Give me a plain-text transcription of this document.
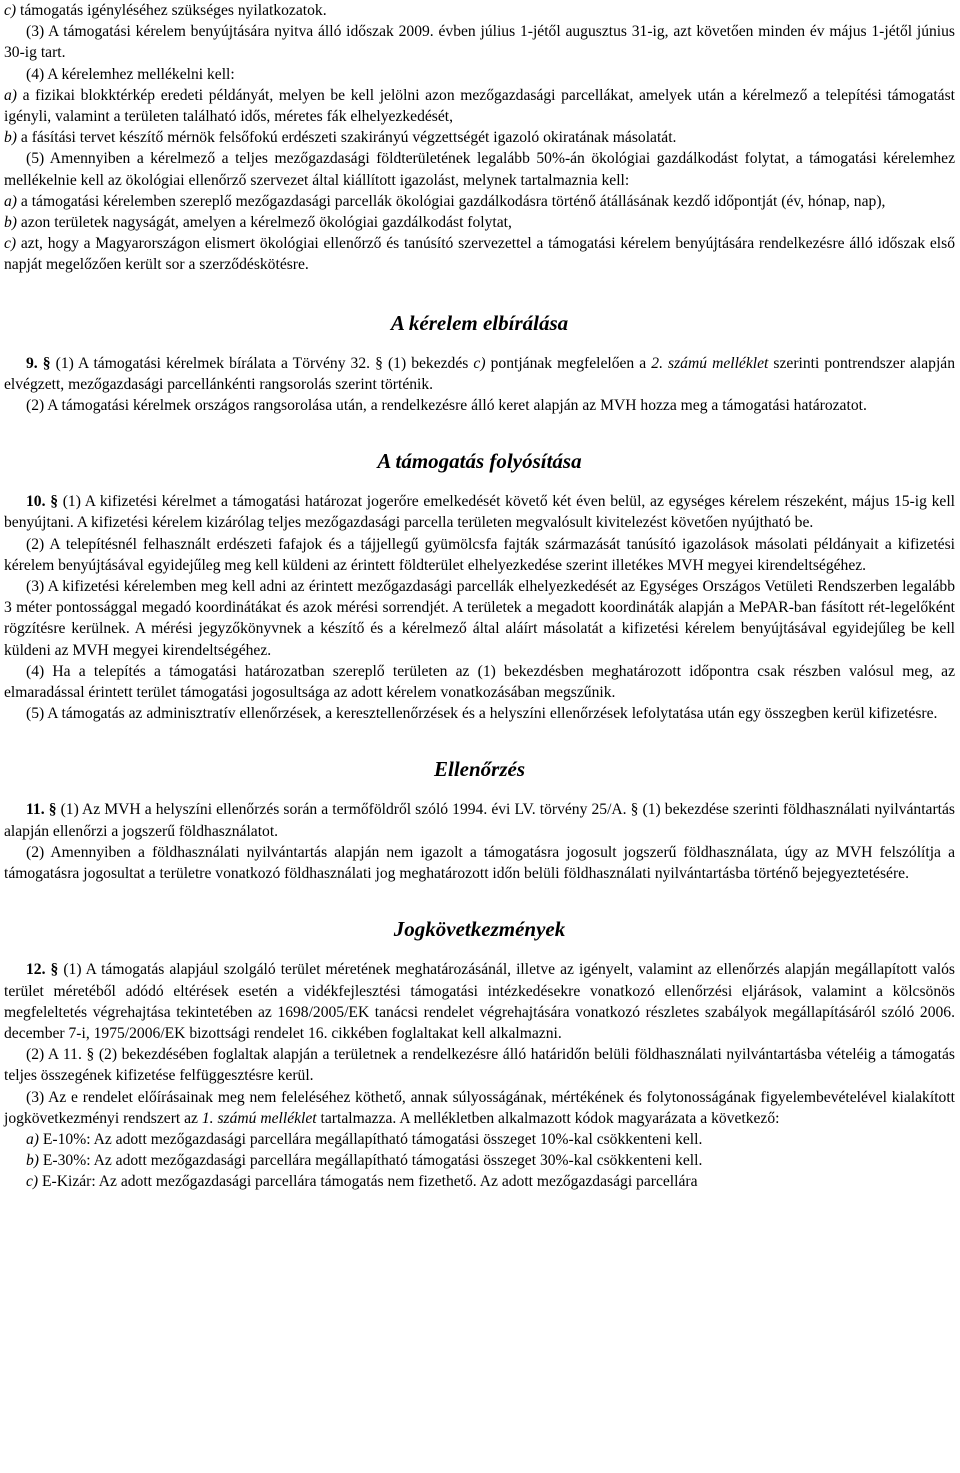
c) támogatás igényléséhez szükséges nyilatkozatok.

(3) A támogatási kérelem benyújtására nyitva álló időszak 2009. évben július 1-jétől augusztus 31-ig, azt követően minden év május 1-jétől június 30-ig tart.

(4) A kérelemhez mellékelni kell:

a) a fizikai blokktérkép eredeti példányát, melyen be kell jelölni azon mezőgazdasági parcellákat, amelyek után a kérelmező a telepítési támogatást igényli, valamint a területen található idős, méretes fák elhelyezkedését,

b) a fásítási tervet készítő mérnök felsőfokú erdészeti szakirányú végzettségét igazoló okiratának másolatát.

(5) Amennyiben a kérelmező a teljes mezőgazdasági földterületének legalább 50%-án ökológiai gazdálkodást folytat, a támogatási kérelemhez mellékelnie kell az ökológiai ellenőrző szervezet által kiállított igazolást, melynek tartalmaznia kell:

a) a támogatási kérelemben szereplő mezőgazdasági parcellák ökológiai gazdálkodásra történő átállásának kezdő időpontját (év, hónap, nap),

b) azon területek nagyságát, amelyen a kérelmező ökológiai gazdálkodást folytat,

c) azt, hogy a Magyarországon elismert ökológiai ellenőrző és tanúsító szervezettel a támogatási kérelem benyújtására rendelkezésre álló időszak első napját megelőzően került sor a szerződéskötésre.

A kérelem elbírálása

9. § (1) A támogatási kérelmek bírálata a Törvény 32. § (1) bekezdés c) pontjának megfelelően a 2. számú melléklet szerinti pontrendszer alapján elvégzett, mezőgazdasági parcellánkénti rangsorolás szerint történik.

(2) A támogatási kérelmek országos rangsorolása után, a rendelkezésre álló keret alapján az MVH hozza meg a támogatási határozatot.

A támogatás folyósítása

10. § (1) A kifizetési kérelmet a támogatási határozat jogerőre emelkedését követő két éven belül, az egységes kérelem részeként, május 15-ig kell benyújtani. A kifizetési kérelem kizárólag teljes mezőgazdasági parcella területen megvalósult kivitelezést követően nyújtható be.

(2) A telepítésnél felhasznált erdészeti fafajok és a tájjellegű gyümölcsfa fajták származását tanúsító igazolások másolati példányait a kifizetési kérelem benyújtásával egyidejűleg meg kell küldeni az érintett földterület elhelyezkedése szerint illetékes MVH megyei kirendeltségéhez.

(3) A kifizetési kérelemben meg kell adni az érintett mezőgazdasági parcellák elhelyezkedését az Egységes Országos Vetületi Rendszerben legalább 3 méter pontossággal megadó koordinátákat és azok mérési sorrendjét. A területek a megadott koordináták alapján a MePAR-ban fásított rét-legelőként rögzítésre kerülnek. A mérési jegyzőkönyvnek a készítő és a kérelmező által aláírt másolatát a kifizetési kérelem benyújtásával egyidejűleg be kell küldeni az MVH megyei kirendeltségéhez.

(4) Ha a telepítés a támogatási határozatban szereplő területen az (1) bekezdésben meghatározott időpontra csak részben valósul meg, az elmaradással érintett terület támogatási jogosultsága az adott kérelem vonatkozásában megszűnik.

(5) A támogatás az adminisztratív ellenőrzések, a keresztellenőrzések és a helyszíni ellenőrzések lefolytatása után egy összegben kerül kifizetésre.

Ellenőrzés

11. § (1) Az MVH a helyszíni ellenőrzés során a termőföldről szóló 1994. évi LV. törvény 25/A. § (1) bekezdése szerinti földhasználati nyilvántartás alapján ellenőrzi a jogszerű földhasználatot.

(2) Amennyiben a földhasználati nyilvántartás alapján nem igazolt a támogatásra jogosult jogszerű földhasználata, úgy az MVH felszólítja a támogatásra jogosultat a területre vonatkozó földhasználati jog meghatározott időn belüli földhasználati nyilvántartásba történő bejegyeztetésére.

Jogkövetkezmények

12. § (1) A támogatás alapjául szolgáló terület méretének meghatározásánál, illetve az igényelt, valamint az ellenőrzés alapján megállapított valós terület méretéből adódó eltérések esetén a vidékfejlesztési támogatási intézkedésekre vonatkozó ellenőrzési eljárások, valamint a kölcsönös megfeleltetés végrehajtása tekintetében az 1698/2005/EK tanácsi rendelet végrehajtására vonatkozó részletes szabályok megállapításáról szóló 2006. december 7-i, 1975/2006/EK bizottsági rendelet 16. cikkében foglaltakat kell alkalmazni.

(2) A 11. § (2) bekezdésében foglaltak alapján a területnek a rendelkezésre álló határidőn belüli földhasználati nyilvántartásba vételéig a támogatás teljes összegének kifizetése felfüggesztésre kerül.

(3) Az e rendelet előírásainak meg nem feleléséhez köthető, annak súlyosságának, mértékének és folytonosságának figyelembevételével kialakított jogkövetkezményi rendszert az 1. számú melléklet tartalmazza. A mellékletben alkalmazott kódok magyarázata a következő:

a) E-10%: Az adott mezőgazdasági parcellára megállapítható támogatási összeget 10%-kal csökkenteni kell.

b) E-30%: Az adott mezőgazdasági parcellára megállapítható támogatási összeget 30%-kal csökkenteni kell.

c) E-Kizár: Az adott mezőgazdasági parcellára támogatás nem fizethető. Az adott mezőgazdasági parcellára
